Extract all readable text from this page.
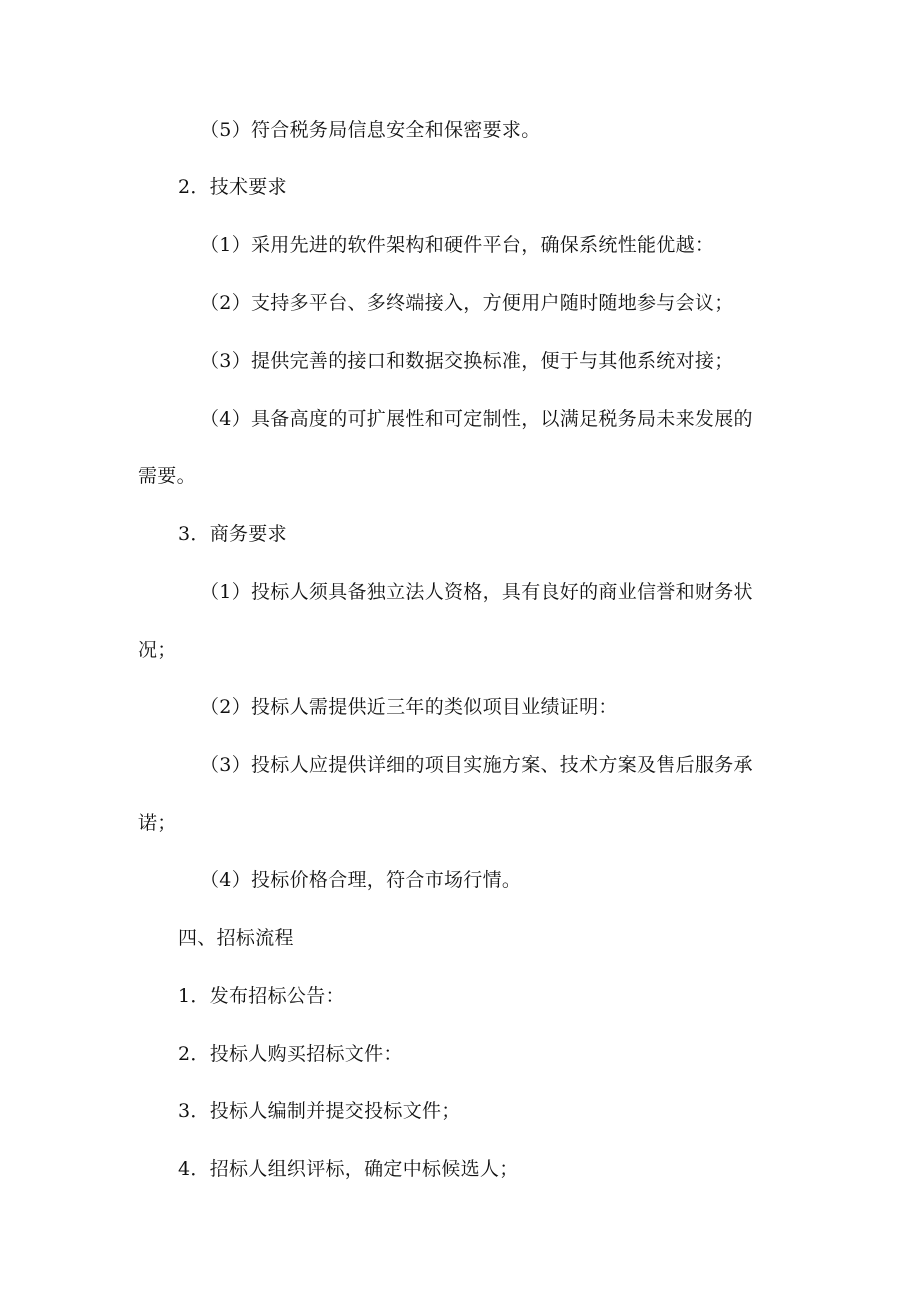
（5）符合税务局信息安全和保密要求。
2．技术要求
（1）采用先进的软件架构和硬件平台，确保系统性能优越：
（2）支持多平台、多终端接入，方便用户随时随地参与会议；
（3）提供完善的接口和数据交换标准，便于与其他系统对接；
（4）具备高度的可扩展性和可定制性，以满足税务局未来发展的
需要。
3．商务要求
（1）投标人须具备独立法人资格，具有良好的商业信誉和财务状
况；
（2）投标人需提供近三年的类似项目业绩证明：
（3）投标人应提供详细的项目实施方案、技术方案及售后服务承
诺；
（4）投标价格合理，符合市场行情。
四、招标流程
1．发布招标公告：
2．投标人购买招标文件：
3．投标人编制并提交投标文件；
4．招标人组织评标，确定中标候选人；
